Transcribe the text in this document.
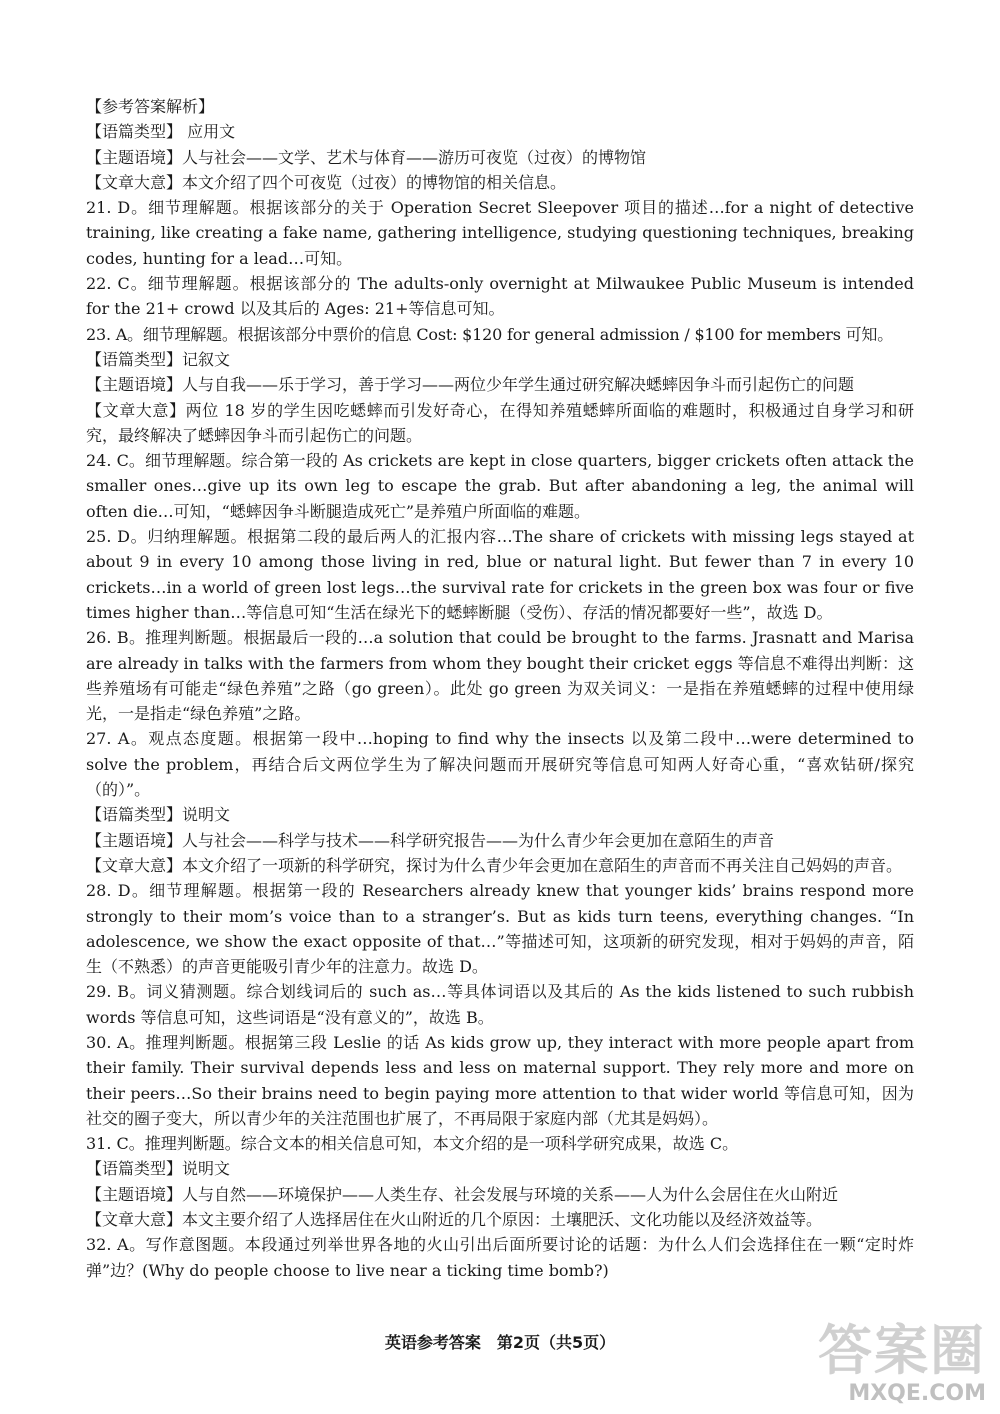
【参考答案解析】

【语篇类型】 应用文

【主题语境】人与社会——文学、艺术与体育——游历可夜览（过夜）的博物馆

【文章大意】本文介绍了四个可夜览（过夜）的博物馆的相关信息。

21. D。细节理解题。根据该部分的关于 Operation Secret Sleepover 项目的描述…for a night of detective training, like creating a fake name, gathering intelligence, studying questioning techniques, breaking codes, hunting for a lead…可知。

22. C。细节理解题。根据该部分的 The adults-only overnight at Milwaukee Public Museum is intended for the 21+ crowd 以及其后的 Ages: 21+等信息可知。

23. A。细节理解题。根据该部分中票价的信息 Cost: $120 for general admission / $100 for members 可知。

【语篇类型】记叙文

【主题语境】人与自我——乐于学习，善于学习——两位少年学生通过研究解决蟋蟀因争斗而引起伤亡的问题

【文章大意】两位 18 岁的学生因吃蟋蟀而引发好奇心，在得知养殖蟋蟀所面临的难题时，积极通过自身学习和研究，最终解决了蟋蟀因争斗而引起伤亡的问题。

24. C。细节理解题。综合第一段的 As crickets are kept in close quarters, bigger crickets often attack the smaller ones…give up its own leg to escape the grab. But after abandoning a leg, the animal will often die…可知，“蟋蟀因争斗断腿造成死亡”是养殖户所面临的难题。

25. D。归纳理解题。根据第二段的最后两人的汇报内容…The share of crickets with missing legs stayed at about 9 in every 10 among those living in red, blue or natural light. But fewer than 7 in every 10 crickets…in a world of green lost legs…the survival rate for crickets in the green box was four or five times higher than…等信息可知“生活在绿光下的蟋蟀断腿（受伤）、存活的情况都要好一些”，故选 D。

26. B。推理判断题。根据最后一段的…a solution that could be brought to the farms. Jrasnatt and Marisa are already in talks with the farmers from whom they bought their cricket eggs 等信息不难得出判断：这些养殖场有可能走“绿色养殖”之路（go green）。此处 go green 为双关词义：一是指在养殖蟋蟀的过程中使用绿光，一是指走“绿色养殖”之路。

27. A。观点态度题。根据第一段中…hoping to find why the insects 以及第二段中…were determined to solve the problem，再结合后文两位学生为了解决问题而开展研究等信息可知两人好奇心重，“喜欢钻研/探究（的）”。

【语篇类型】说明文

【主题语境】人与社会——科学与技术——科学研究报告——为什么青少年会更加在意陌生的声音

【文章大意】本文介绍了一项新的科学研究，探讨为什么青少年会更加在意陌生的声音而不再关注自己妈妈的声音。

28. D。细节理解题。根据第一段的 Researchers already knew that younger kids’ brains respond more strongly to their mom’s voice than to a stranger’s. But as kids turn teens, everything changes. “In adolescence, we show the exact opposite of that…”等描述可知，这项新的研究发现，相对于妈妈的声音，陌生（不熟悉）的声音更能吸引青少年的注意力。故选 D。

29. B。词义猜测题。综合划线词后的 such as…等具体词语以及其后的 As the kids listened to such rubbish words 等信息可知，这些词语是“没有意义的”，故选 B。

30. A。推理判断题。根据第三段 Leslie 的话 As kids grow up, they interact with more people apart from their family. Their survival depends less and less on maternal support. They rely more and more on their peers…So their brains need to begin paying more attention to that wider world 等信息可知，因为社交的圈子变大，所以青少年的关注范围也扩展了，不再局限于家庭内部（尤其是妈妈）。

31. C。推理判断题。综合文本的相关信息可知，本文介绍的是一项科学研究成果，故选 C。

【语篇类型】说明文

【主题语境】人与自然——环境保护——人类生存、社会发展与环境的关系——人为什么会居住在火山附近

【文章大意】本文主要介绍了人选择居住在火山附近的几个原因：土壤肥沃、文化功能以及经济效益等。

32. A。写作意图题。本段通过列举世界各地的火山引出后面所要讨论的话题：为什么人们会选择住在一颗“定时炸弹”边？(Why do people choose to live near a ticking time bomb?)

英语参考答案　第2页（共5页）	答案圈
MXQE.COM
